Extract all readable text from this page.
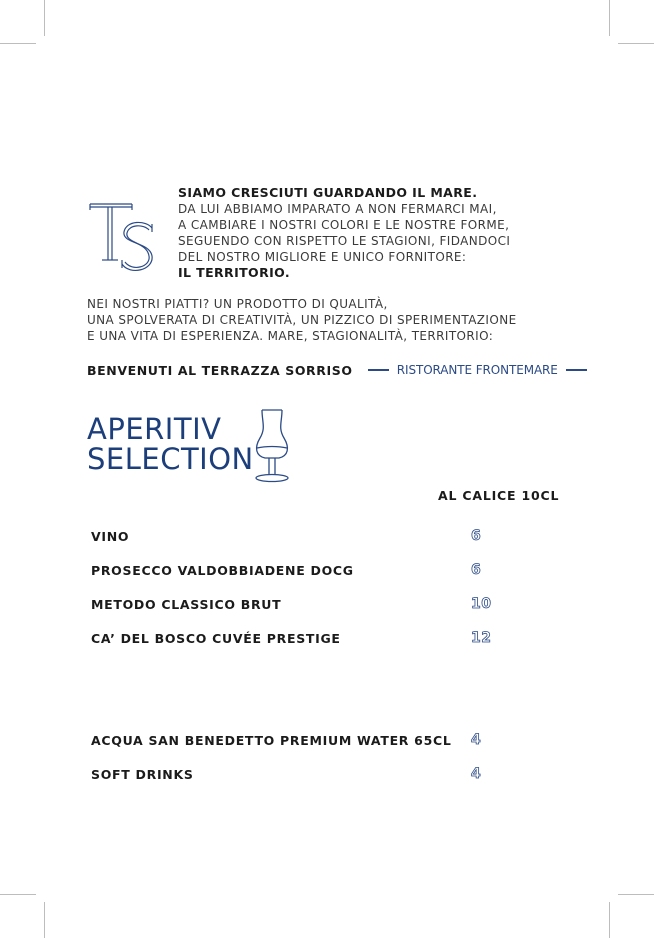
SIAMO CRESCIUTI GUARDANDO IL MARE.
DA LUI ABBIAMO IMPARATO A NON FERMARCI MAI,
A CAMBIARE I NOSTRI COLORI E LE NOSTRE FORME,
SEGUENDO CON RISPETTO LE STAGIONI, FIDANDOCI
DEL NOSTRO MIGLIORE E UNICO FORNITORE:
IL TERRITORIO.
NEI NOSTRI PIATTI? UN PRODOTTO DI QUALITÀ,
UNA SPOLVERATA DI CREATIVITÀ, UN PIZZICO DI SPERIMENTAZIONE
E UNA VITA DI ESPERIENZA. MARE, STAGIONALITÀ, TERRITORIO:
BENVENUTI AL TERRAZZA SORRISO	RISTORANTE FRONTEMARE
APERITIV
SELECTION
AL CALICE 10CL
VINO	6
PROSECCO VALDOBBIADENE DOCG	6
METODO CLASSICO BRUT	10
CA’ DEL BOSCO CUVÉE PRESTIGE	12
ACQUA SAN BENEDETTO PREMIUM WATER 65CL 4
SOFT DRINKS	4
